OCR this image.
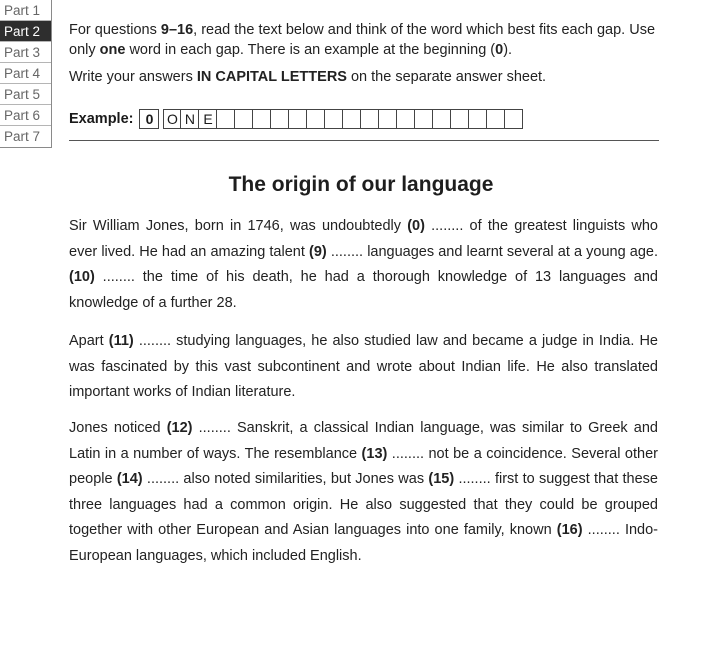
Part 1
Part 2
Part 3
Part 4
Part 5
Part 6
Part 7

For questions 9–16, read the text below and think of the word which best fits each gap. Use only one word in each gap. There is an example at the beginning (0).

Write your answers IN CAPITAL LETTERS on the separate answer sheet.

Example: 0 O N E
The origin of our language

Sir William Jones, born in 1746, was undoubtedly (0) ........ of the greatest linguists who ever lived. He had an amazing talent (9) ........ languages and learnt several at a young age. (10) ........ the time of his death, he had a thorough knowledge of 13 languages and knowledge of a further 28.

Apart (11) ........ studying languages, he also studied law and became a judge in India. He was fascinated by this vast subcontinent and wrote about Indian life. He also translated important works of Indian literature.

Jones noticed (12) ........ Sanskrit, a classical Indian language, was similar to Greek and Latin in a number of ways. The resemblance (13) ........ not be a coincidence. Several other people (14) ........ also noted similarities, but Jones was (15) ........ first to suggest that these three languages had a common origin. He also suggested that they could be grouped together with other European and Asian languages into one family, known (16) ........ Indo-European languages, which included English.
